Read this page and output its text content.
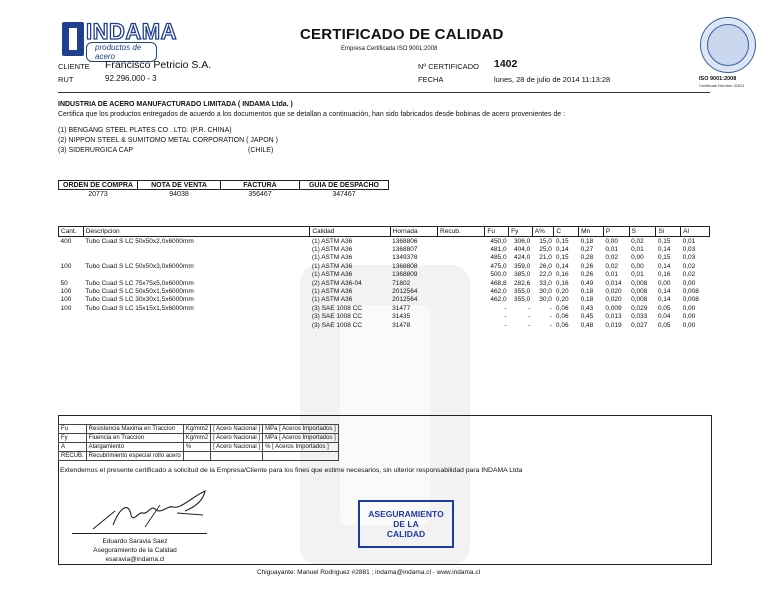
INDAMA
productos de acero
CERTIFICADO DE CALIDAD
Empresa Certificada ISO 9001:2008
CLIENTE Francisco Petricio S.A.
RUT	92.296.000 - 3
Nº CERTIFICADO 1402
FECHA	lunes, 28 de julio de 2014 11:13:28	ISO 9001:2008
Certificate Number 20021
INDUSTRIA DE ACERO MANUFACTURADO LIMITADA ( INDAMA Ltda. )
Certifica que los productos entregados de acuerdo a los documentos que se detallan a continuación, han sido fabricados desde bobinas de acero provenientes de :
(1) BENGANG STEEL PLATES CO . LTD. (P.R. CHINA)
(2) NIPPON STEEL & SUMITOMO METAL CORPORATION ( JAPON )
(3) SIDERURGICA CAP	(CHILE)
ORDEN DE COMPRA	NOTA DE VENTA	FACTURA	GUIA DE DESPACHO
20773	94038	356467	347467
Cant.	Descripcion	Calidad	Hornada	Recub.	Fu	Fy	A%	C	Mn	P	S	Si	Al
400	Tubo Cuad S LC 50x50x2,0x6000mm	(1) ASTM A36	1368806		450,0	306,0	15,0	0,15	0,18	0,00	0,02	0,15	0,01
		(1) ASTM A36	1368807		481,0	404,0	25,0	0,14	0,27	0,01	0,01	0,14	0,03
		(1) ASTM A36	1349378		485,0	424,0	21,0	0,15	0,28	0,02	0,00	0,15	0,03
100	Tubo Cuad S LC 50x50x3,0x6000mm	(1) ASTM A36	1368808		475,0	359,0	26,0	0,14	0,26	0,02	0,00	0,14	0,02
		(1) ASTM A36	1368809		500,0	385,0	22,0	0,16	0,26	0,01	0,01	0,16	0,02
50	Tubo Cuad S LC 75x75x5,0x6000mm	(2) ASTM A36-04	71802		468,8	282,6	33,0	0,16	0,49	0,014	0,008	0,00	0,00
100	Tubo Cuad S LC 50x50x1,5x6000mm	(1) ASTM A36	2012564		462,0	355,0	30,0	0,20	0,18	0,020	0,008	0,14	0,008
100	Tubo Cuad S LC 30x30x1,5x6000mm	(1) ASTM A36	2012564		462,0	355,0	30,0	0,20	0,18	0,020	0,008	0,14	0,008
100	Tubo Cuad S LC 15x15x1,5x6000mm	(3) SAE 1008 CC	31477		-	-	-	0,06	0,43	0,009	0,029	0,05	0,00
		(3) SAE 1008 CC	31435		-	-	-	0,06	0,45	0,013	0,033	0,04	0,00
		(3) SAE 1008 CC	31478		-	-	-	0,06	0,48	0,019	0,027	0,05	0,00
Fu	Resistencia Maxima en Traccion	Kg/mm2	[ Acero Nacional ]	MPa [ Aceros Importados ]
Fy	Fluencia en Traccion	Kg/mm2	[ Acero Nacional ]	MPa [ Aceros Importados ]
A	Alargamiento	%	[ Acero Nacional ]	% [ Aceros Importados ]
RECUB.	Recubrimiento especial rollo acero			
Extendemos el presente certificado a solicitud de la Empresa/Cliente para los fines que estime necesarios, sin ulterior responsabilidad para INDAMA Ltda
Eduardo Saravia Saez
Aseguramiento de la Calidad
esaravia@indama.cl
ASEGURAMIENTO
DE LA
CALIDAD
Chiguayante: Manuel Rodriguez #2881 ; indama@indama.cl - www.indama.cl
